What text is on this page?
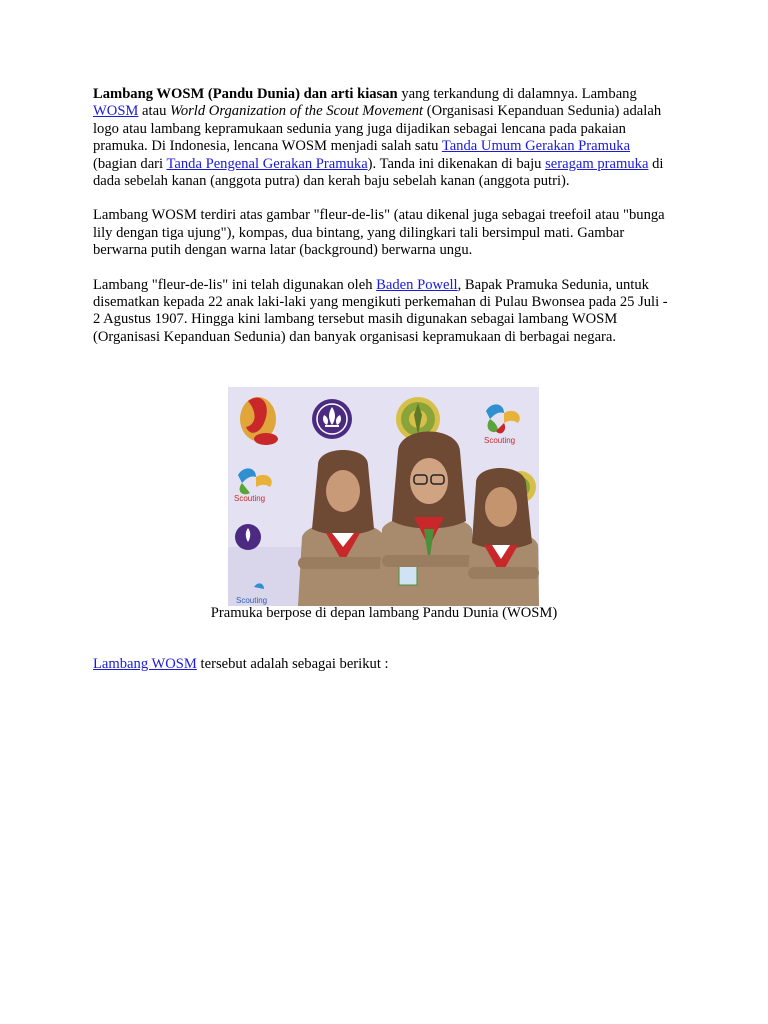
Lambang WOSM (Pandu Dunia) dan arti kiasan yang terkandung di dalamnya. Lambang WOSM atau World Organization of the Scout Movement (Organisasi Kepanduan Sedunia) adalah logo atau lambang kepramukaan sedunia yang juga dijadikan sebagai lencana pada pakaian pramuka. Di Indonesia, lencana WOSM menjadi salah satu Tanda Umum Gerakan Pramuka (bagian dari Tanda Pengenal Gerakan Pramuka). Tanda ini dikenakan di baju seragam pramuka di dada sebelah kanan (anggota putra) dan kerah baju sebelah kanan (anggota putri).

Lambang WOSM terdiri atas gambar "fleur-de-lis" (atau dikenal juga sebagai treefoil atau "bunga lily dengan tiga ujung"), kompas, dua bintang, yang dilingkari tali bersimpul mati. Gambar berwarna putih dengan warna latar (background) berwarna ungu.

Lambang "fleur-de-lis" ini telah digunakan oleh Baden Powell, Bapak Pramuka Sedunia, untuk disematkan kepada 22 anak laki-laki yang mengikuti perkemahan di Pulau Bwonsea pada 25 Juli - 2 Agustus 1907. Hingga kini lambang tersebut masih digunakan sebagai lambang WOSM (Organisasi Kepanduan Sedunia) dan banyak organisasi kepramukaan di berbagai negara.

Scouting
Scouting
Scouting
Pramuka berpose di depan lambang Pandu Dunia (WOSM)
Lambang WOSM tersebut adalah sebagai berikut :
